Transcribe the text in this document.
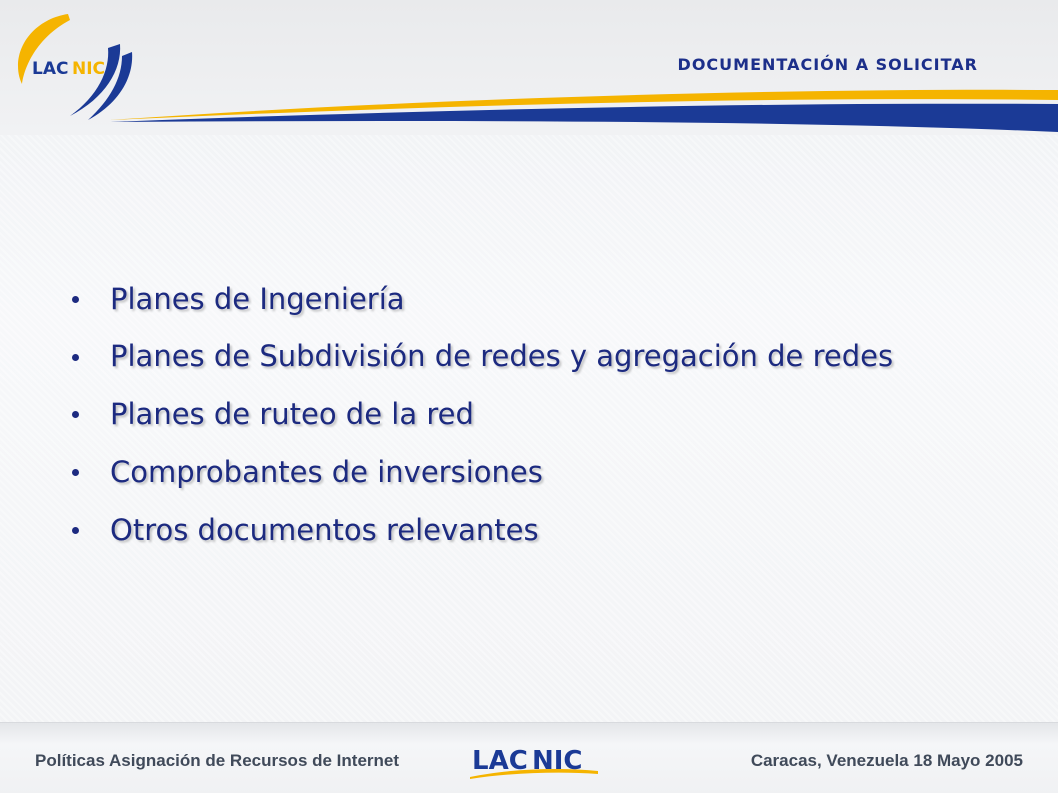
LAC NIC	DOCUMENTACIÓN A SOLICITAR
Planes de Ingeniería
Planes de Subdivisión de redes y agregación de redes
Planes de ruteo de la red
Comprobantes de inversiones
Otros documentos relevantes
Políticas Asignación de Recursos de Internet	LAC NIC	Caracas, Venezuela 18 Mayo 2005
